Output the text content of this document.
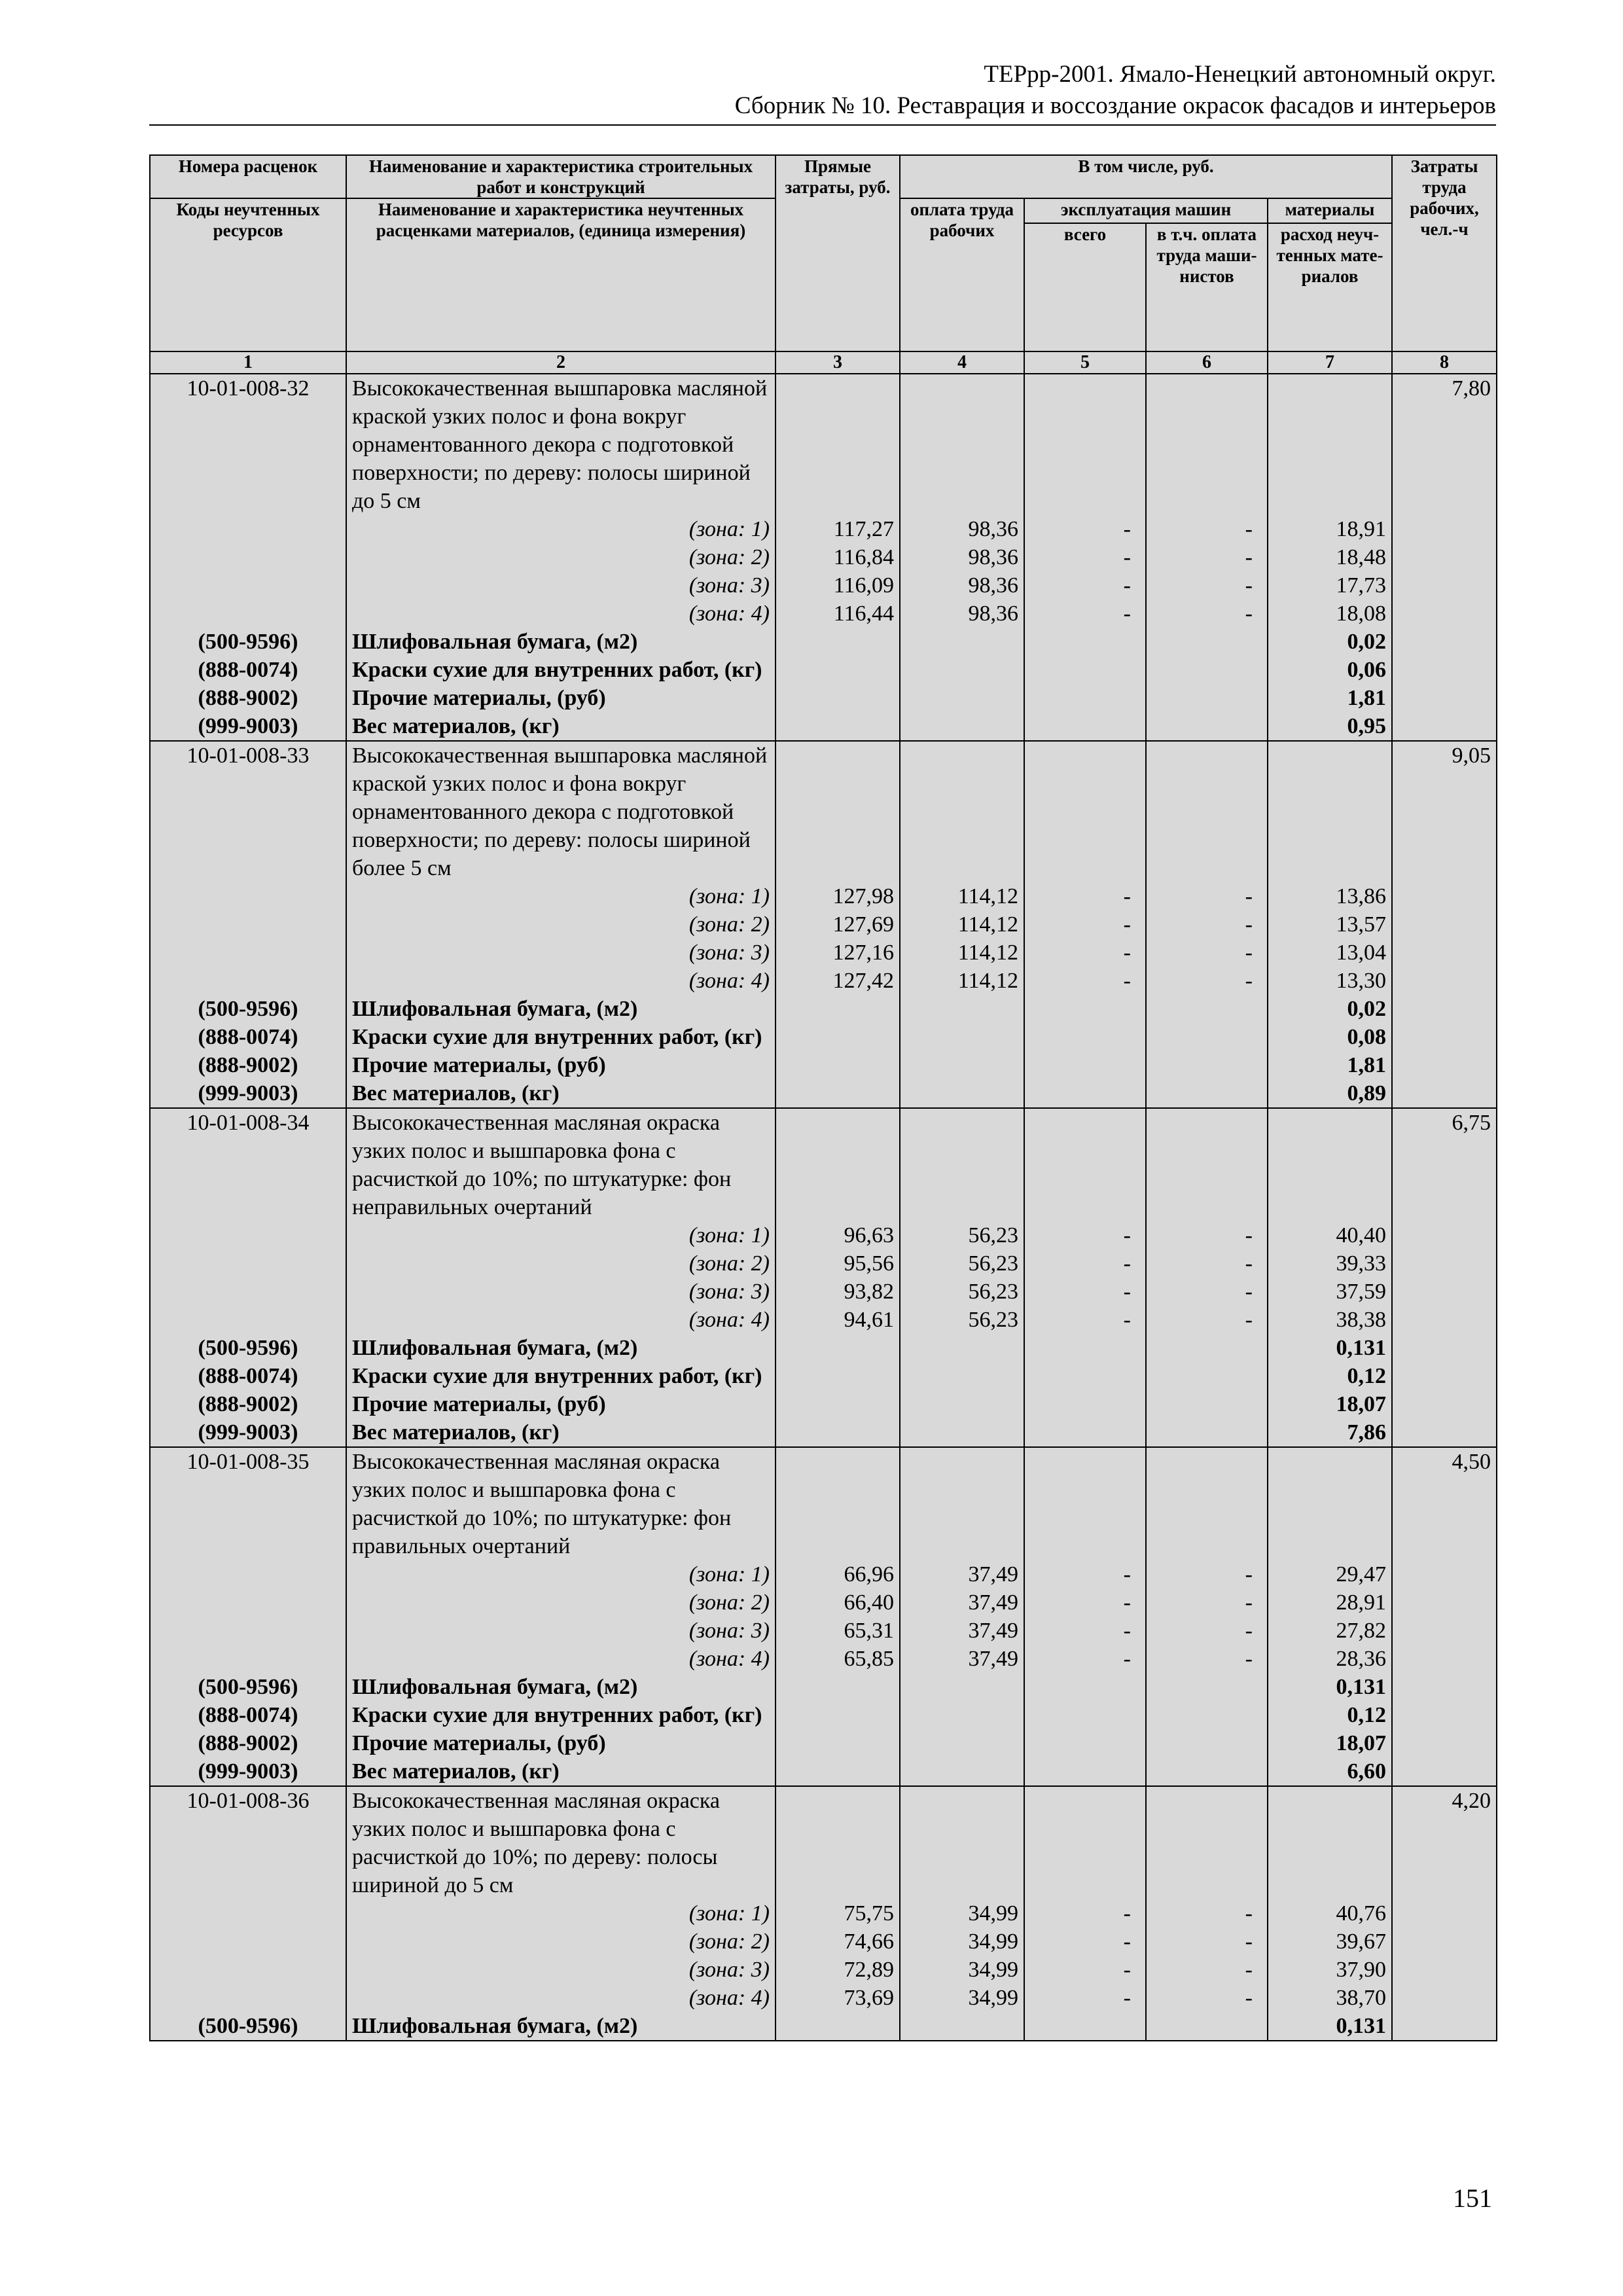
ТЕРрр-2001. Ямало-Ненецкий автономный округ.
Сборник № 10. Реставрация и воссоздание окрасок фасадов и интерьеров
Номера расценок	Наименование и характеристика строительных работ и конструкций	Прямые затраты, руб.	В том числе, руб.				Затраты труда рабочих, чел.-ч
Коды неучтенных ресурсов	Наименование и характеристика неучтенных расценками материалов, (единица измерения)		оплата труда рабочих	эксплуатация машин		материалы	
				всего	в т.ч. оплата труда маши-нистов	расход неуч-тенных мате-риалов	
1	2	3	4	5	6	7	8
10-01-008-32	Высококачественная вышпаровка масляной краской узких полос и фона вокруг орнаментованного декора с подготовкой поверхности; по дереву: полосы шириной до 5 см						7,80

	(зона: 1)	117,27	98,36	-	-	18,91	

	(зона: 2)	116,84	98,36	-	-	18,48	

	(зона: 3)	116,09	98,36	-	-	17,73	

	(зона: 4)	116,44	98,36	-	-	18,08	
(500-9596)	Шлифовальная бумага, (м2)					0,02	
(888-0074)	Краски сухие для внутренних работ, (кг)					0,06	
(888-9002)	Прочие материалы, (руб)					1,81	
(999-9003)	Вес материалов, (кг)					0,95	
10-01-008-33	Высококачественная вышпаровка масляной краской узких полос и фона вокруг орнаментованного декора с подготовкой поверхности; по дереву: полосы шириной более 5 см						9,05

	(зона: 1)	127,98	114,12	-	-	13,86	

	(зона: 2)	127,69	114,12	-	-	13,57	

	(зона: 3)	127,16	114,12	-	-	13,04	

	(зона: 4)	127,42	114,12	-	-	13,30	
(500-9596)	Шлифовальная бумага, (м2)					0,02	
(888-0074)	Краски сухие для внутренних работ, (кг)					0,08	
(888-9002)	Прочие материалы, (руб)					1,81	
(999-9003)	Вес материалов, (кг)					0,89	
10-01-008-34	Высококачественная масляная окраска узких полос и вышпаровка фона с расчисткой до 10%; по штукатурке: фон неправильных очертаний						6,75

	(зона: 1)	96,63	56,23	-	-	40,40	

	(зона: 2)	95,56	56,23	-	-	39,33	

	(зона: 3)	93,82	56,23	-	-	37,59	

	(зона: 4)	94,61	56,23	-	-	38,38	
(500-9596)	Шлифовальная бумага, (м2)					0,131	
(888-0074)	Краски сухие для внутренних работ, (кг)					0,12	
(888-9002)	Прочие материалы, (руб)					18,07	
(999-9003)	Вес материалов, (кг)					7,86	
10-01-008-35	Высококачественная масляная окраска узких полос и вышпаровка фона с расчисткой до 10%; по штукатурке: фон правильных очертаний						4,50

	(зона: 1)	66,96	37,49	-	-	29,47	

	(зона: 2)	66,40	37,49	-	-	28,91	

	(зона: 3)	65,31	37,49	-	-	27,82	

	(зона: 4)	65,85	37,49	-	-	28,36	
(500-9596)	Шлифовальная бумага, (м2)					0,131	
(888-0074)	Краски сухие для внутренних работ, (кг)					0,12	
(888-9002)	Прочие материалы, (руб)					18,07	
(999-9003)	Вес материалов, (кг)					6,60	
10-01-008-36	Высококачественная масляная окраска узких полос и вышпаровка фона с расчисткой до 10%; по дереву: полосы шириной до 5 см						4,20

	(зона: 1)	75,75	34,99	-	-	40,76	

	(зона: 2)	74,66	34,99	-	-	39,67	

	(зона: 3)	72,89	34,99	-	-	37,90	

	(зона: 4)	73,69	34,99	-	-	38,70	
(500-9596)	Шлифовальная бумага, (м2)					0,131	
151
